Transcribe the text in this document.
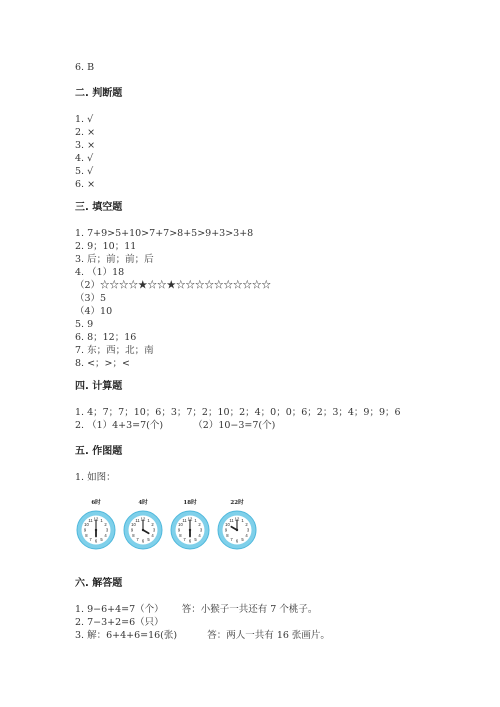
6. B
二. 判断题
1. √
2. ×
3. ×
4. √
5. √
6. ×
三. 填空题
1. 7+9>5+10>7+7>8+5>9+3>3+8
2. 9；10；11
3. 后；前；前；后
4. （1）18
（2）☆☆☆☆★☆☆★☆☆☆☆☆☆☆☆☆☆
（3）5
（4）10
5. 9
6. 8；12；16
7. 东；西；北；南
8. <；>；<
四. 计算题
1. 4；7；7；10；6；3；7；2；10；2；4；0；0；6；2；3；4；9；9；6
2. （1）4+3=7(个)          （2）10−3=7(个)
五. 作图题
1. 如图：
6时
1
2
3
4
5
6
7
8
9
10
11 12
4时
1
2
3
4
5
6
7
8
9
10
11 12
18时
1
2
3
4
5
6
7
8
9
10
11 12
22时
1
2
3
4
5
6
7
8
9
10
11 12
六. 解答题
1. 9−6+4=7（个）      答：小猴子一共还有 7 个桃子。
2. 7−3+2=6（只）
3. 解：6+4+6=16(张)          答：两人一共有 16 张画片。
